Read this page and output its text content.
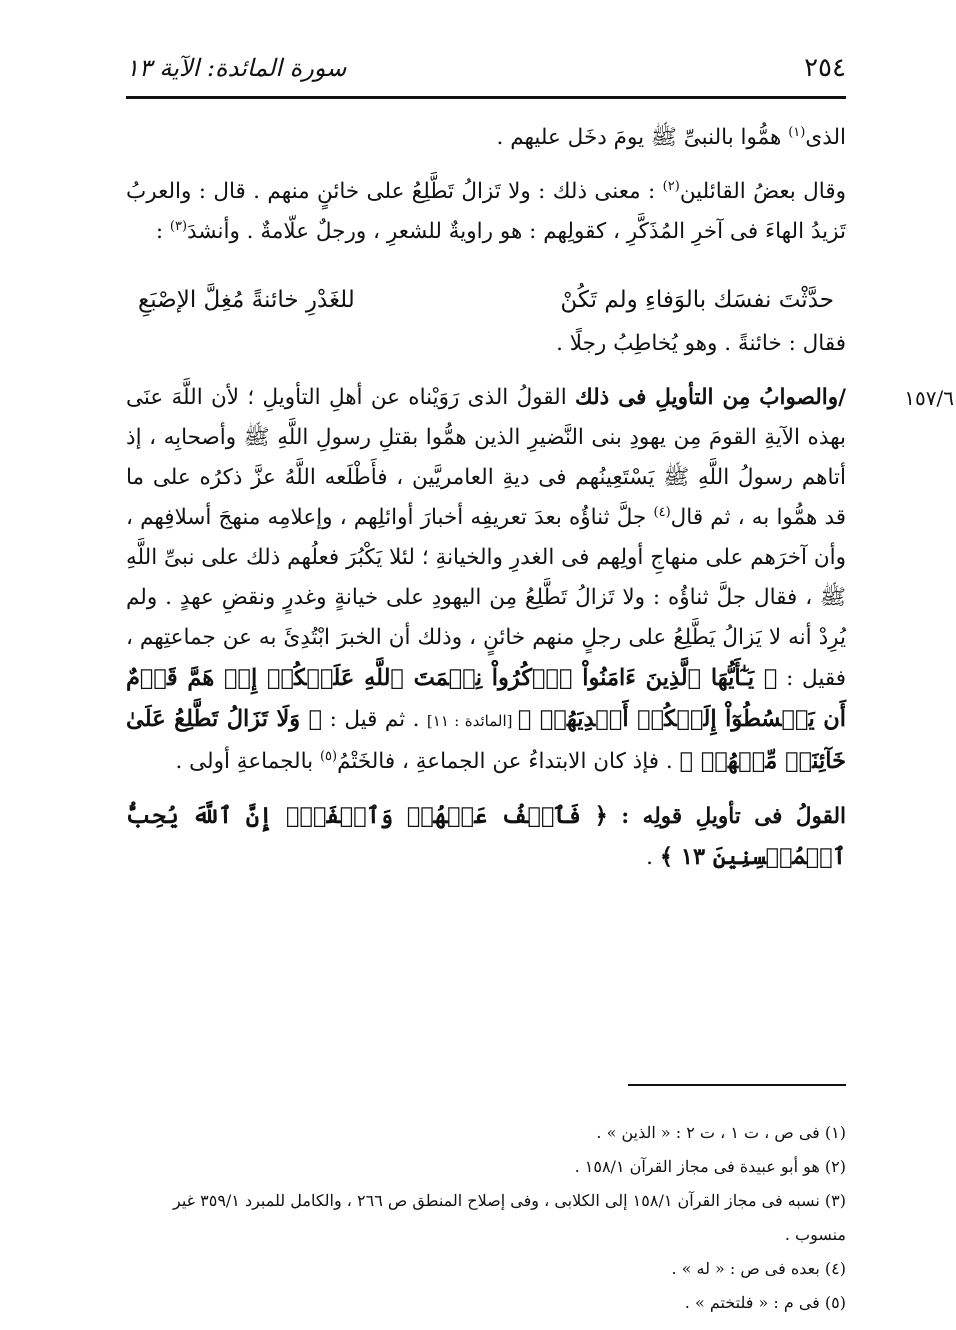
٢٥٤
سورة المائدة: الآية ١٣

الذى$^{(١)}$ همُّوا بالنبىِّ ﷺ يومَ دخَل عليهم .

وقال بعضُ القائلين$^{(٢)}$ : معنى ذلك : ولا تَزالُ تَطَّلِعُ على خائنٍ منهم . قال : والعربُ تَزيدُ الهاءَ فى آخرِ المُذَكَّرِ ، كقولِهم : هو راويةٌ للشعرِ ، ورجلٌ علّامةٌ . وأنشدَ$^{(٣)}$ :

حدَّثْتَ نفسَك بالوَفاءِ ولم تَكُنْ
للغَدْرِ خائنةً مُغِلَّ الإصْبَعِ

فقال : خائنةً . وهو يُخاطِبُ رجلًا .

١٥٧/٦

/والصوابُ مِن التأويلِ فى ذلك القولُ الذى رَوَيْناه عن أهلِ التأويلِ ؛ لأن اللَّهَ عنَى بهذه الآيةِ القومَ مِن يهودِ بنى النَّضيرِ الذين همُّوا بقتلِ رسولِ اللَّهِ ﷺ وأصحابِه ، إذ أتاهم رسولُ اللَّهِ ﷺ يَسْتَعِينُهم فى ديةِ العامريَّين ، فأَطْلَعه اللَّهُ عزَّ ذكرُه على ما قد همُّوا به ، ثم قال$^{(٤)}$ جلَّ ثناؤُه بعدَ تعريفِه أخبارَ أوائلِهم ، وإعلامِه منهجَ أسلافِهم ، وأن آخرَهم على منهاجِ أولِهم فى الغدرِ والخيانةِ ؛ لئلا يَكْبُرَ فعلُهم ذلك على نبىِّ اللَّهِ ﷺ ، فقال جلَّ ثناؤُه : ولا تَزالُ تَطَّلِعُ مِن اليهودِ على خيانةٍ وغدرٍ ونقضِ عهدٍ . ولم يُرِدْ أنه لا يَزالُ يَطَّلِعُ على رجلٍ منهم خائنٍ ، وذلك أن الخبرَ ابْتُدِئَ به عن جماعتِهم ، فقيل : ﴿ يَـٰٓأَيُّهَا ٱلَّذِينَ ءَامَنُواْ ٱذۡكُرُواْ نِعۡمَتَ ٱللَّهِ عَلَيۡكُمۡ إِذۡ هَمَّ قَوۡمٌ أَن يَبۡسُطُوٓاْ إِلَيۡكُمۡ أَيۡدِيَهُمۡ ﴾ [المائدة : ١١] . ثم قيل : ﴿ وَلَا تَزَالُ تَطَّلِعُ عَلَىٰ خَآئِنَةٖ مِّنۡهُمۡ ﴾ . فإذ كان الابتداءُ عن الجماعةِ ، فالخَتْمُ$^{(٥)}$ بالجماعةِ أولى .

القولُ فى تأويلِ قولِه : ﴿ فَٱعۡفُ عَنۡهُمۡ وَٱصۡفَحۡۚ إِنَّ ٱللَّهَ يُحِبُّ ٱلۡمُحۡسِنِينَ ١٣ ﴾ .

(١) فى ص ، ت ١ ، ت ٢ : « الذين » .

(٢) هو أبو عبيدة فى مجاز القرآن ١٥٨/١ .

(٣) نسبه فى مجاز القرآن ١٥٨/١ إلى الكلابى ، وفى إصلاح المنطق ص ٢٦٦ ، والكامل للمبرد ٣٥٩/١ غير منسوب .

(٤) بعده فى ص : « له » .

(٥) فى م : « فلتختم » .
